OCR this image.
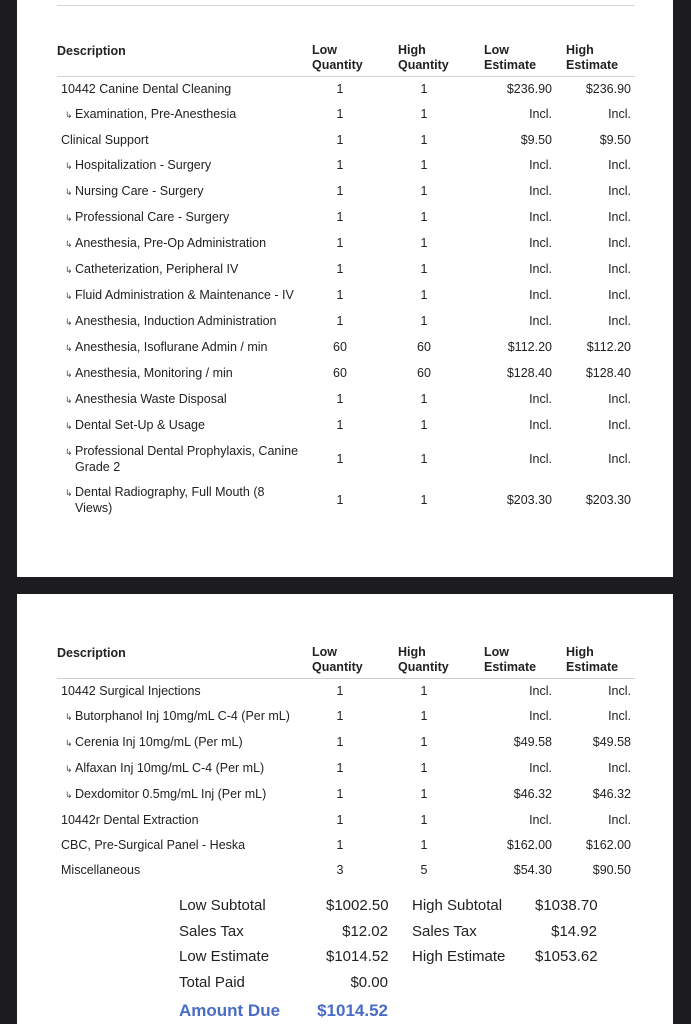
Description	Low Quantity	High Quantity	Low Estimate	High Estimate
10442 Canine Dental Cleaning	1	1	$236.90	$236.90
↳ Examination, Pre-Anesthesia	1	1	Incl.	Incl.
Clinical Support	1	1	$9.50	$9.50
↳ Hospitalization - Surgery	1	1	Incl.	Incl.
↳ Nursing Care - Surgery	1	1	Incl.	Incl.
↳ Professional Care - Surgery	1	1	Incl.	Incl.
↳ Anesthesia, Pre-Op Administration	1	1	Incl.	Incl.
↳ Catheterization, Peripheral IV	1	1	Incl.	Incl.
↳ Fluid Administration & Maintenance - IV	1	1	Incl.	Incl.
↳ Anesthesia, Induction Administration	1	1	Incl.	Incl.
↳ Anesthesia, Isoflurane Admin / min	60	60	$112.20	$112.20
↳ Anesthesia, Monitoring / min	60	60	$128.40	$128.40
↳ Anesthesia Waste Disposal	1	1	Incl.	Incl.
↳ Dental Set-Up & Usage	1	1	Incl.	Incl.
↳ Professional Dental Prophylaxis, Canine Grade 2	1	1	Incl.	Incl.
↳ Dental Radiography, Full Mouth (8 Views)	1	1	$203.30	$203.30
Description	Low Quantity	High Quantity	Low Estimate	High Estimate
10442 Surgical Injections	1	1	Incl.	Incl.
↳ Butorphanol Inj 10mg/mL C-4 (Per mL)	1	1	Incl.	Incl.
↳ Cerenia Inj 10mg/mL (Per mL)	1	1	$49.58	$49.58
↳ Alfaxan Inj 10mg/mL C-4 (Per mL)	1	1	Incl.	Incl.
↳ Dexdomitor 0.5mg/mL Inj (Per mL)	1	1	$46.32	$46.32
10442r Dental Extraction	1	1	Incl.	Incl.
CBC, Pre-Surgical Panel - Heska	1	1	$162.00	$162.00
Miscellaneous	3	5	$54.30	$90.50
Low Subtotal	$1002.50 High Subtotal $1038.70
Sales Tax	$12.02 Sales Tax	$14.92
Low Estimate	$1014.52 High Estimate $1053.62
Total Paid	$0.00
Amount Due $1014.52
